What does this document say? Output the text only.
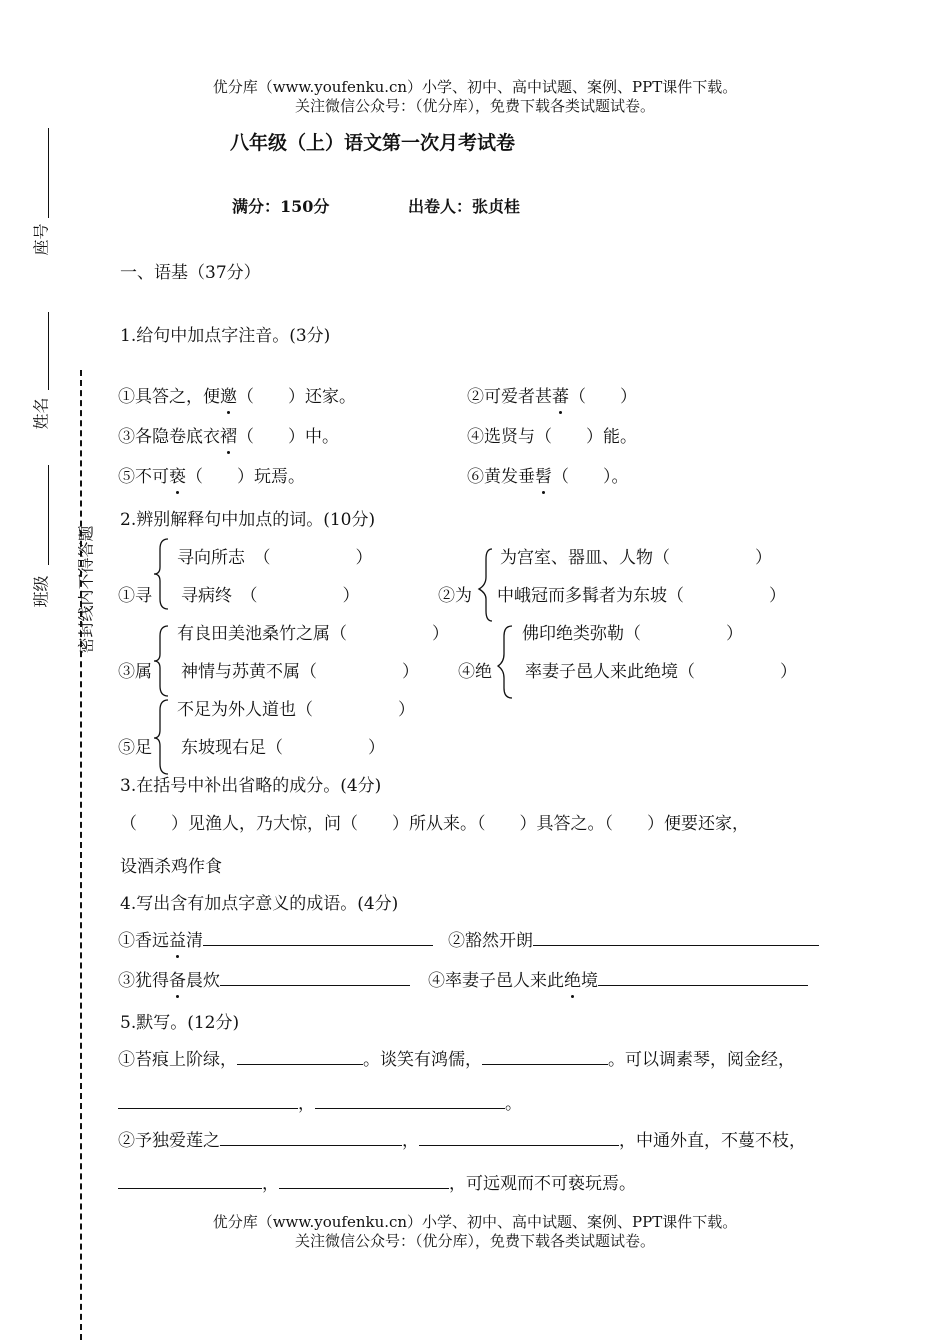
优分库（www.youfenku.cn）小学、初中、高中试题、案例、PPT课件下载。
关注微信公众号：（优分库），免费下载各类试题试卷。
座号
姓名
班级 密封线内不得答题
八年级（上）语文第一次月考试卷
满分：150分	出卷人：张贞桂
一、语基（37分）
1.给句中加点字注音。(3分)
①具答之，便邀（　　）还家。	②可爱者甚蕃（　　）
③各隐卷底衣褶（　　）中。	④选贤与（　　）能。
⑤不可亵（　　）玩焉。	⑥黄发垂髫（　　）。
2.辨别解释句中加点的词。(10分)
①寻
寻向所志　（　　　　　）
寻病终　（　　　　　）	②为
为宫室、器皿、人物（　　　　　）
中峨冠而多髯者为东坡（　　　　　）
③属
有良田美池桑竹之属（　　　　　）
神情与苏黄不属（　　　　　） ④绝
佛印绝类弥勒（　　　　　）
率妻子邑人来此绝境（　　　　　）
⑤足
不足为外人道也（　　　　　）
东坡现右足（　　　　　）
3.在括号中补出省略的成分。(4分)
（　　）见渔人，乃大惊，问（　　）所从来。（　　）具答之。（　　）便要还家，
设酒杀鸡作食
4.写出含有加点字意义的成语。(4分)
①香远益清	②豁然开朗
③犹得备晨炊	④率妻子邑人来此绝境
5.默写。(12分)
①苔痕上阶绿，	。谈笑有鸿儒，	。可以调素琴，阅金经，
，	。
②予独爱莲之	，	，中通外直，不蔓不枝，
，	，可远观而不可亵玩焉。
优分库（www.youfenku.cn）小学、初中、高中试题、案例、PPT课件下载。
关注微信公众号：（优分库），免费下载各类试题试卷。
